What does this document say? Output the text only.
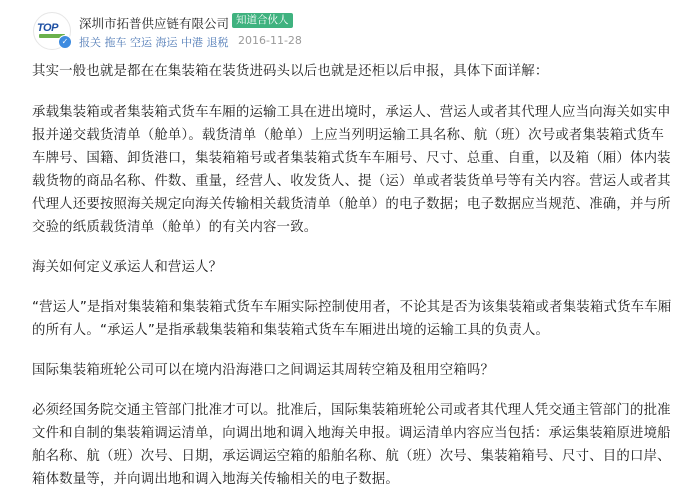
TOP
✓
深圳市拓普供应链有限公司 知道合伙人
报关 拖车 空运 海运 中港 退税 2016-11-28

其实一般也就是都在在集装箱在装货进码头以后也就是还柜以后申报，具体下面详解：

承载集装箱或者集装箱式货车车厢的运输工具在进出境时，承运人、营运人或者其代理人应当向海关如实申报并递交载货清单（舱单）。载货清单（舱单）上应当列明运输工具名称、航（班）次号或者集装箱式货车车牌号、国籍、卸货港口，集装箱箱号或者集装箱式货车车厢号、尺寸、总重、自重，以及箱（厢）体内装载货物的商品名称、件数、重量，经营人、收发货人、提（运）单或者装货单号等有关内容。营运人或者其代理人还要按照海关规定向海关传输相关载货清单（舱单）的电子数据；电子数据应当规范、准确，并与所交验的纸质载货清单（舱单）的有关内容一致。

海关如何定义承运人和营运人？

“营运人”是指对集装箱和集装箱式货车车厢实际控制使用者，不论其是否为该集装箱或者集装箱式货车车厢的所有人。“承运人”是指承载集装箱和集装箱式货车车厢进出境的运输工具的负责人。

国际集装箱班轮公司可以在境内沿海港口之间调运其周转空箱及租用空箱吗？

必须经国务院交通主管部门批准才可以。批准后，国际集装箱班轮公司或者其代理人凭交通主管部门的批准文件和自制的集装箱调运清单，向调出地和调入地海关申报。调运清单内容应当包括：承运集装箱原进境船舶名称、航（班）次号、日期，承运调运空箱的船舶名称、航（班）次号、集装箱箱号、尺寸、目的口岸、箱体数量等，并向调出地和调入地海关传输相关的电子数据。
